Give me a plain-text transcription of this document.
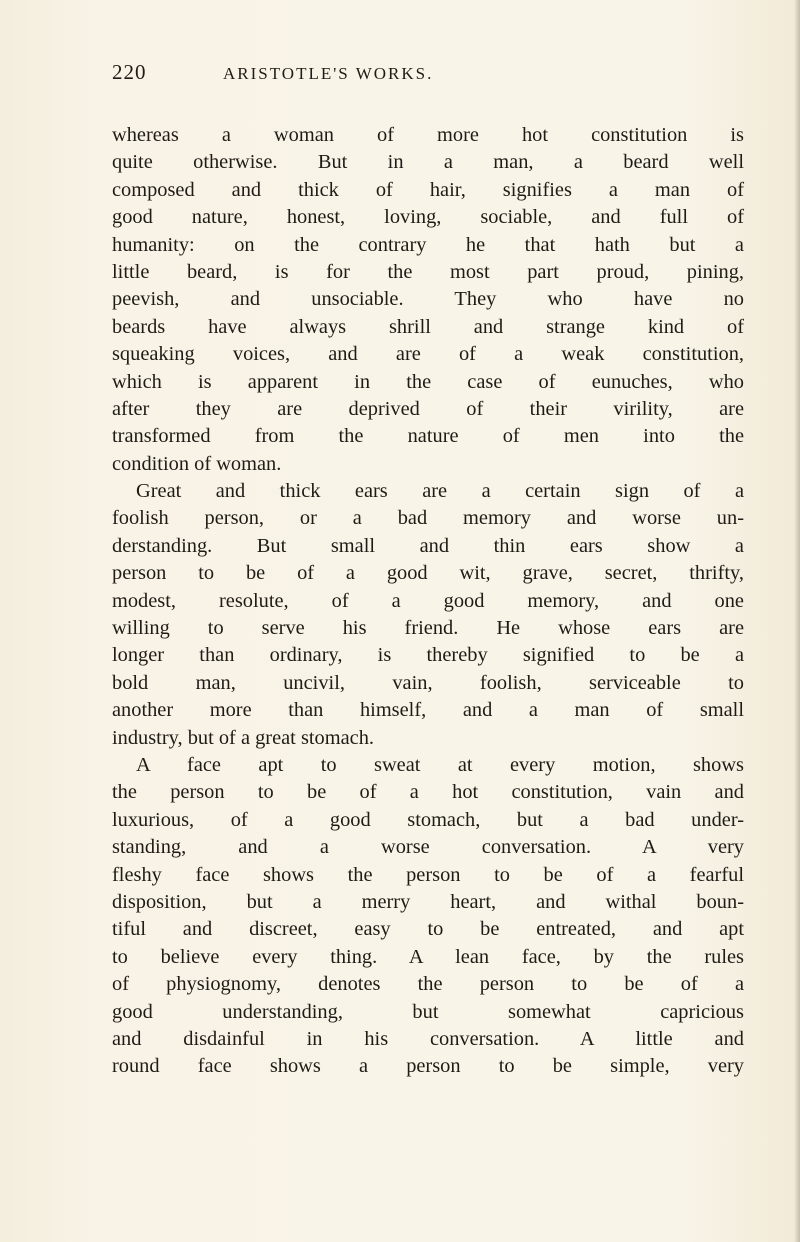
220	ARISTOTLE'S WORKS.
whereas a woman of more hot constitution is
quite otherwise. But in a man, a beard well
composed and thick of hair, signifies a man of
good nature, honest, loving, sociable, and full of
humanity: on the contrary he that hath but a
little beard, is for the most part proud, pining,
peevish, and unsociable. They who have no
beards have always shrill and strange kind of
squeaking voices, and are of a weak constitution,
which is apparent in the case of eunuches, who
after they are deprived of their virility, are
transformed from the nature of men into the
condition of woman.
Great and thick ears are a certain sign of a
foolish person, or a bad memory and worse un-
derstanding. But small and thin ears show a
person to be of a good wit, grave, secret, thrifty,
modest, resolute, of a good memory, and one
willing to serve his friend. He whose ears are
longer than ordinary, is thereby signified to be a
bold man, uncivil, vain, foolish, serviceable to
another more than himself, and a man of small
industry, but of a great stomach.
A face apt to sweat at every motion, shows
the person to be of a hot constitution, vain and
luxurious, of a good stomach, but a bad under-
standing, and a worse conversation. A very
fleshy face shows the person to be of a fearful
disposition, but a merry heart, and withal boun-
tiful and discreet, easy to be entreated, and apt
to believe every thing. A lean face, by the rules
of physiognomy, denotes the person to be of a
good understanding, but somewhat capricious
and disdainful in his conversation. A little and
round face shows a person to be simple, very
